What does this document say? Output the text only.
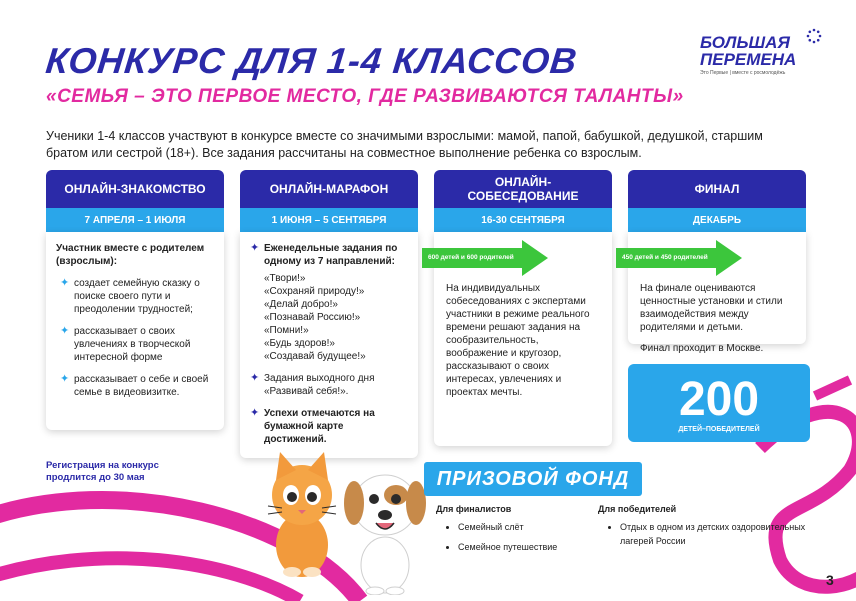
КОНКУРС ДЛЯ 1-4 КЛАССОВ
«СЕМЬЯ – ЭТО ПЕРВОЕ МЕСТО, ГДЕ РАЗВИВАЮТСЯ ТАЛАНТЫ»
БОЛЬШАЯ
ПЕРЕМЕНА
Это Первые | вместе с росмолодёжь
Ученики 1-4 классов участвуют в конкурсе вместе со значимыми взрослыми: мамой, папой, бабушкой, дедушкой, старшим братом или сестрой (18+). Все задания рассчитаны на совместное выполнение ребенка со взрослым.
ОНЛАЙН-ЗНАКОМСТВО
7 АПРЕЛЯ – 1 ИЮЛЯ
Участник вместе с родителем (взрослым):
✦ создает семейную сказку о поиске своего пути и преодолении трудностей;
✦ рассказывает о своих увлечениях в творческой интересной форме
✦ рассказывает о себе и своей семье в видеовизитке.
ОНЛАЙН-МАРАФОН
1 ИЮНЯ – 5 СЕНТЯБРЯ
✦ Еженедельные задания по одному из 7 направлений:
«Твори!»
«Сохраняй природу!»
«Делай добро!»
«Познавай Россию!»
«Помни!»
«Будь здоров!»
«Создавай будущее!»
✦ Задания выходного дня «Развивай себя!».
✦ Успехи отмечаются на бумажной карте достижений.
ОНЛАЙН-СОБЕСЕДОВАНИЕ
16-30 СЕНТЯБРЯ
На индивидуальных собеседованиях с экспертами участники в режиме реального времени решают задания на сообразительность, воображение и кругозор, рассказывают о своих интересах, увлечениях и проектах мечты.
ФИНАЛ
ДЕКАБРЬ
На финале оцениваются ценностные установки и стили взаимодействия между родителями и детьми.
Финал проходит в Москве.
600 детей и 600 родителей	450 детей и 450 родителей
200
ДЕТЕЙ–ПОБЕДИТЕЛЕЙ
Регистрация на конкурс продлится до 30 мая	ПРИЗОВОЙ ФОНД
Для финалистов
• Семейный слёт
• Семейное путешествие
Для победителей
• Отдых в одном из детских оздоровительных лагерей России
3
